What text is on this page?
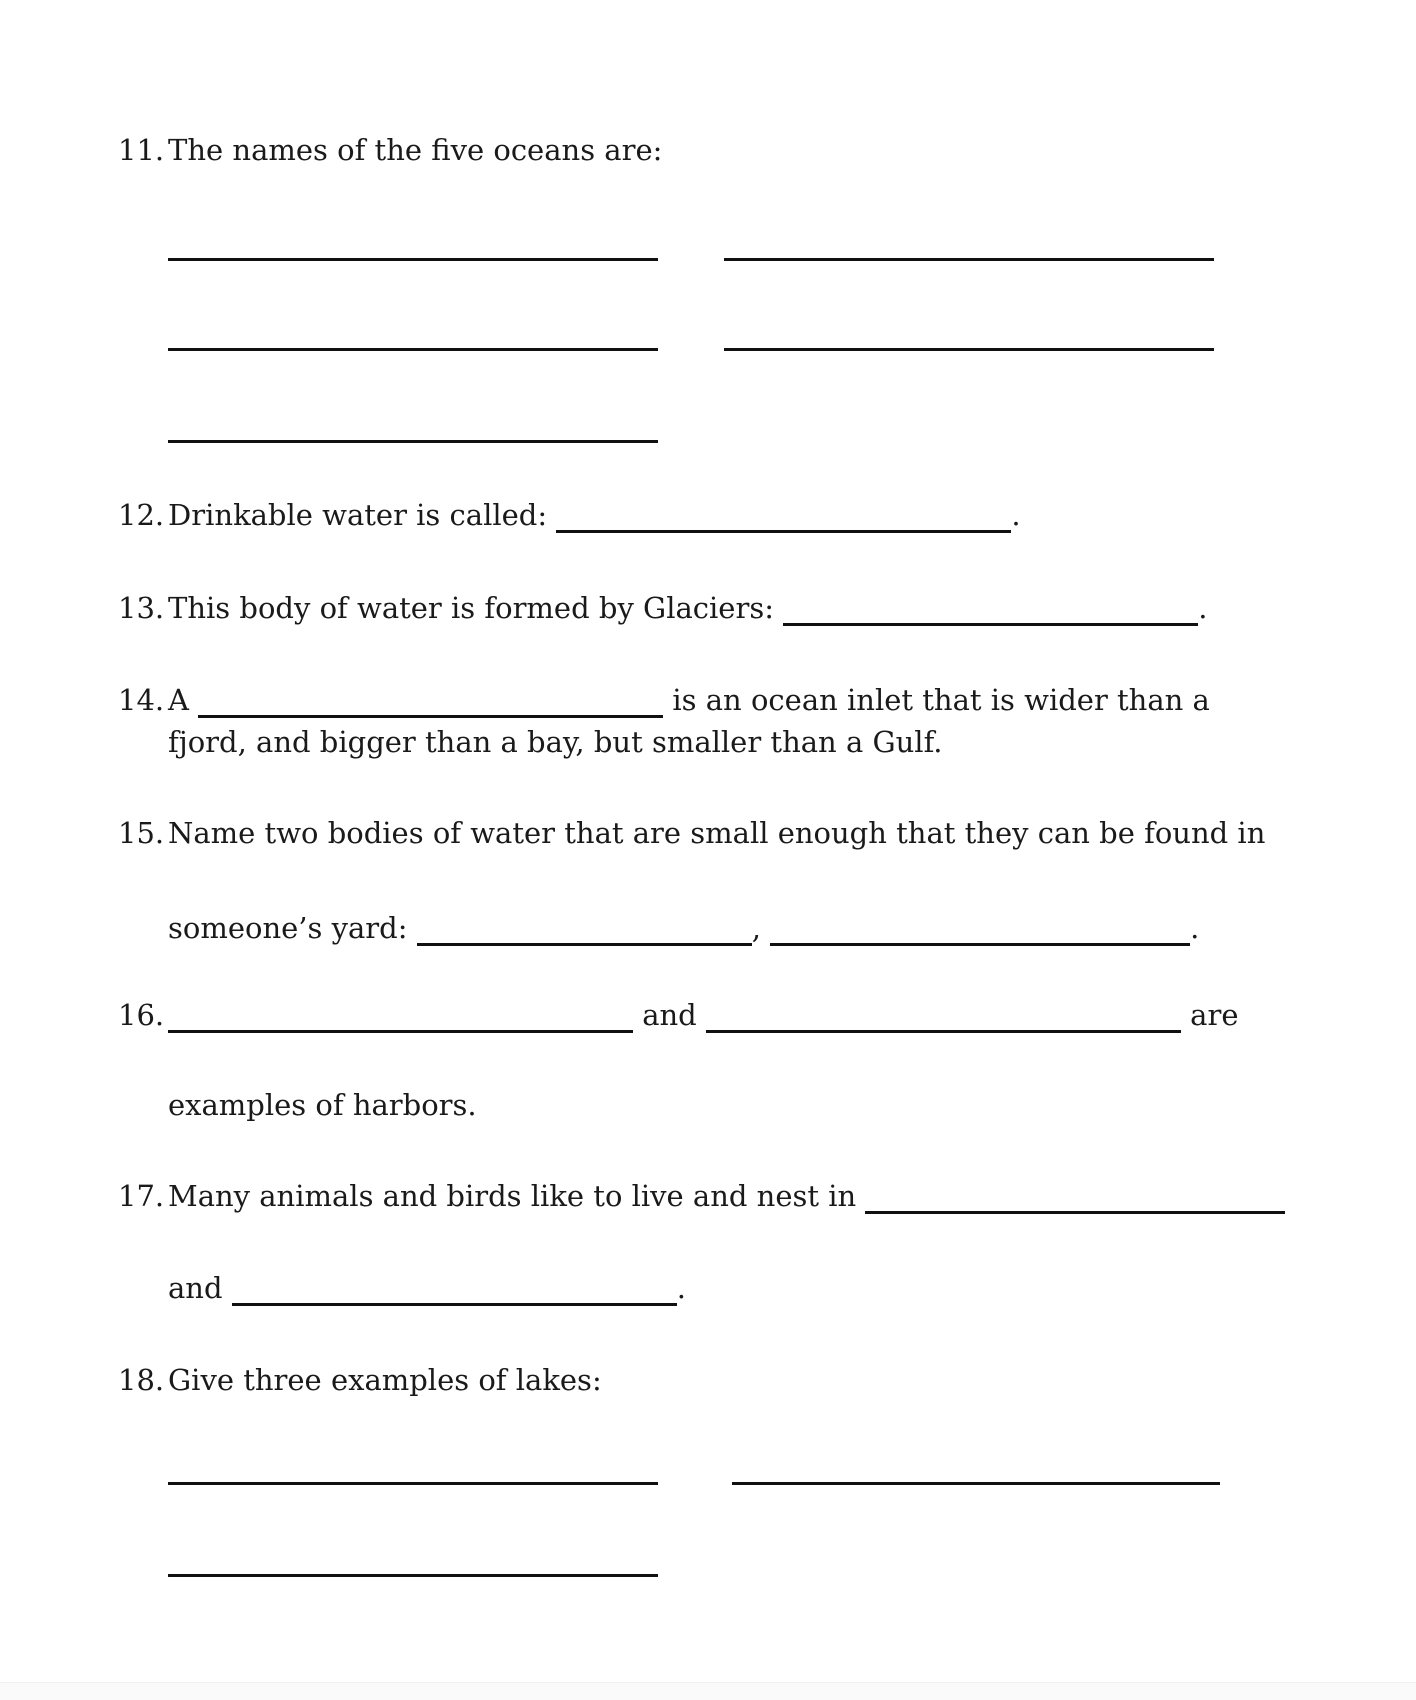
11. The names of the five oceans are:
12. Drinkable water is called:	.
13. This body of water is formed by Glaciers:	.
14. A	is an ocean inlet that is wider than a
fjord, and bigger than a bay, but smaller than a Gulf.
15. Name two bodies of water that are small enough that they can be found in
someone’s yard:	,	.
16.	and	are
examples of harbors.
17. Many animals and birds like to live and nest in
and	.
18. Give three examples of lakes:
